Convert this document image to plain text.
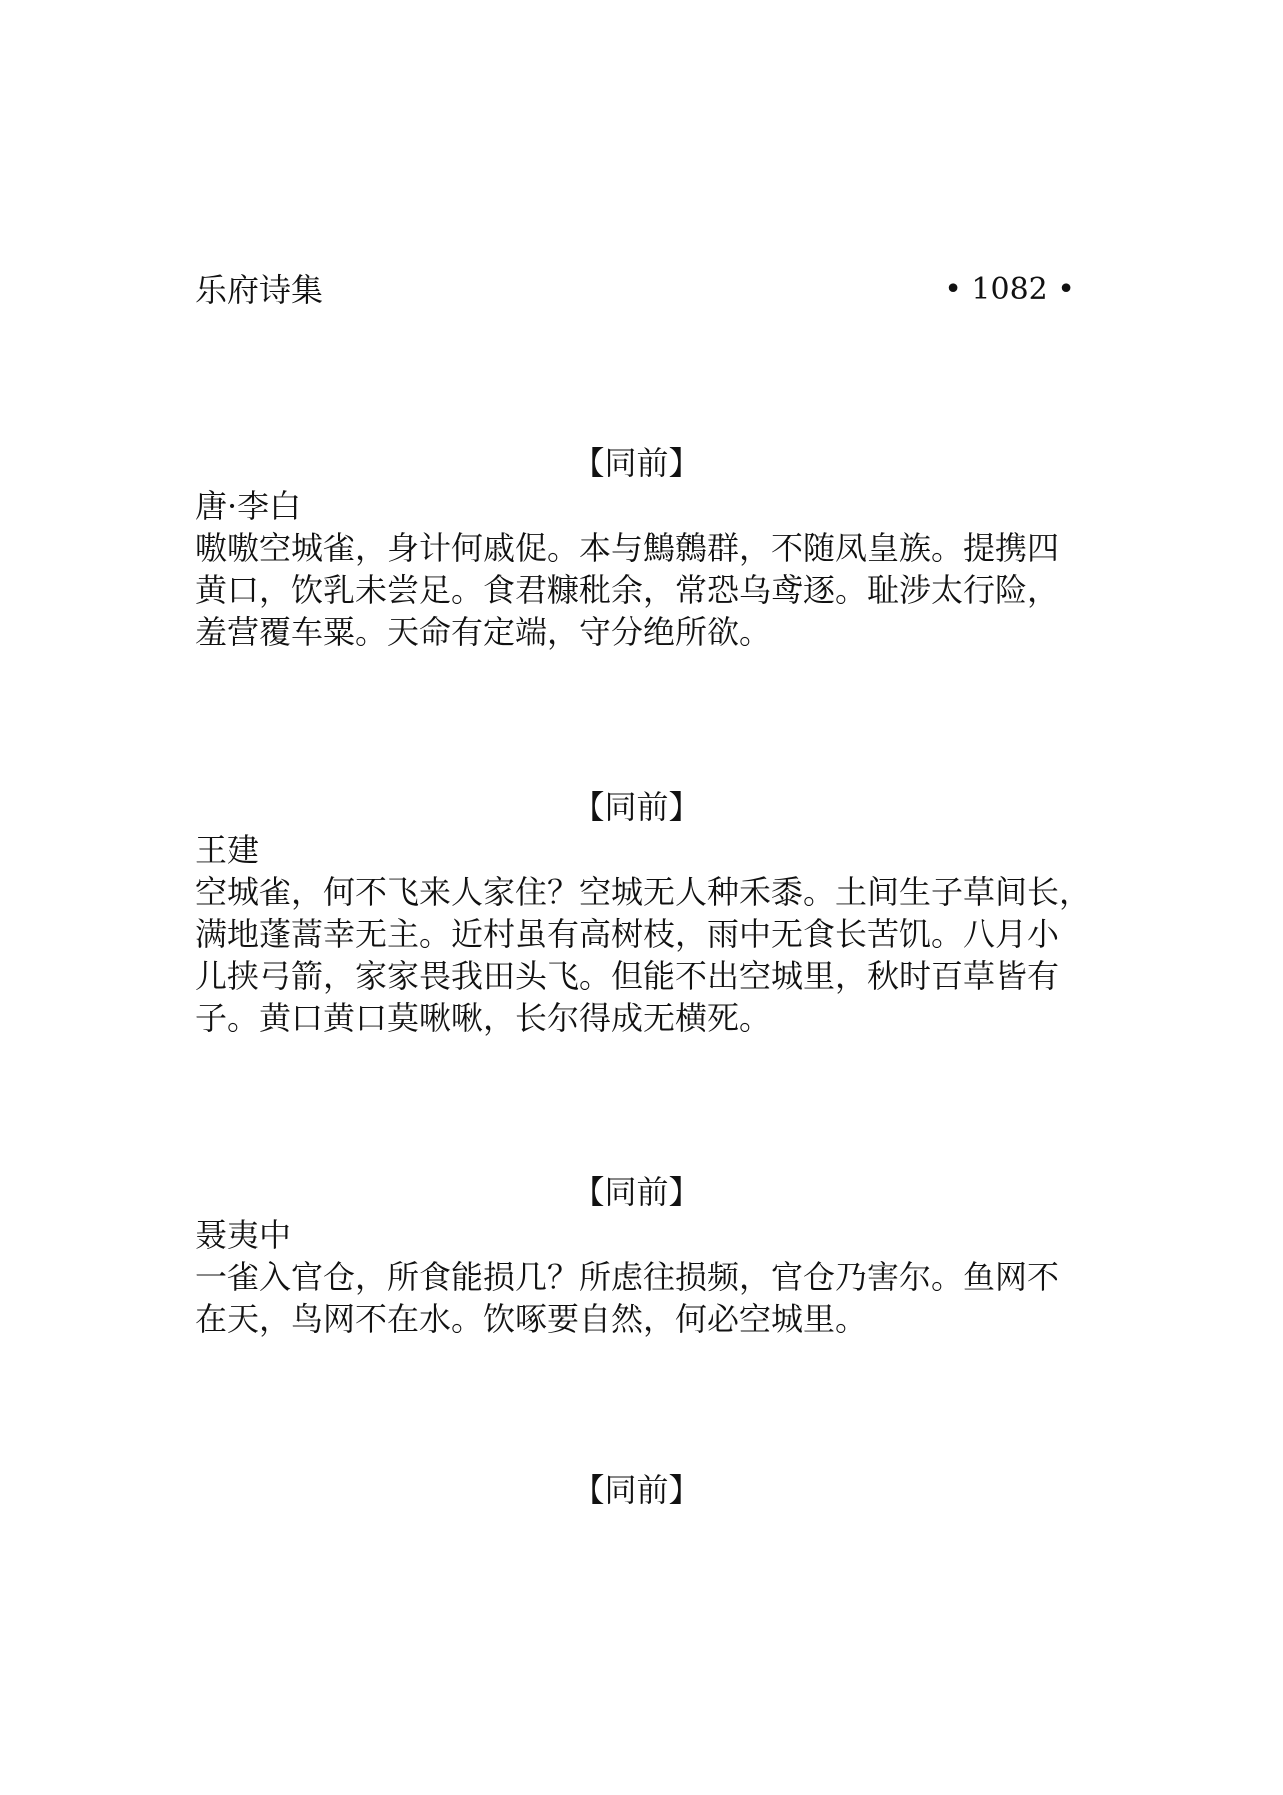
乐府诗集	• 1082 •
【同前】
唐·李白
嗷嗷空城雀，身计何戚促。本与鷦鷯群，不随凤皇族。提携四
黄口，饮乳未尝足。食君糠秕余，常恐乌鸢逐。耻涉太行险，
羞营覆车粟。天命有定端，守分绝所欲。
【同前】
王建
空城雀，何不飞来人家住？空城无人种禾黍。土间生子草间长，
满地蓬蒿幸无主。近村虽有高树枝，雨中无食长苦饥。八月小
儿挟弓箭，家家畏我田头飞。但能不出空城里，秋时百草皆有
子。黄口黄口莫啾啾，长尔得成无横死。
【同前】
聂夷中
一雀入官仓，所食能损几？所虑往损频，官仓乃害尔。鱼网不
在天，鸟网不在水。饮啄要自然，何必空城里。
【同前】
